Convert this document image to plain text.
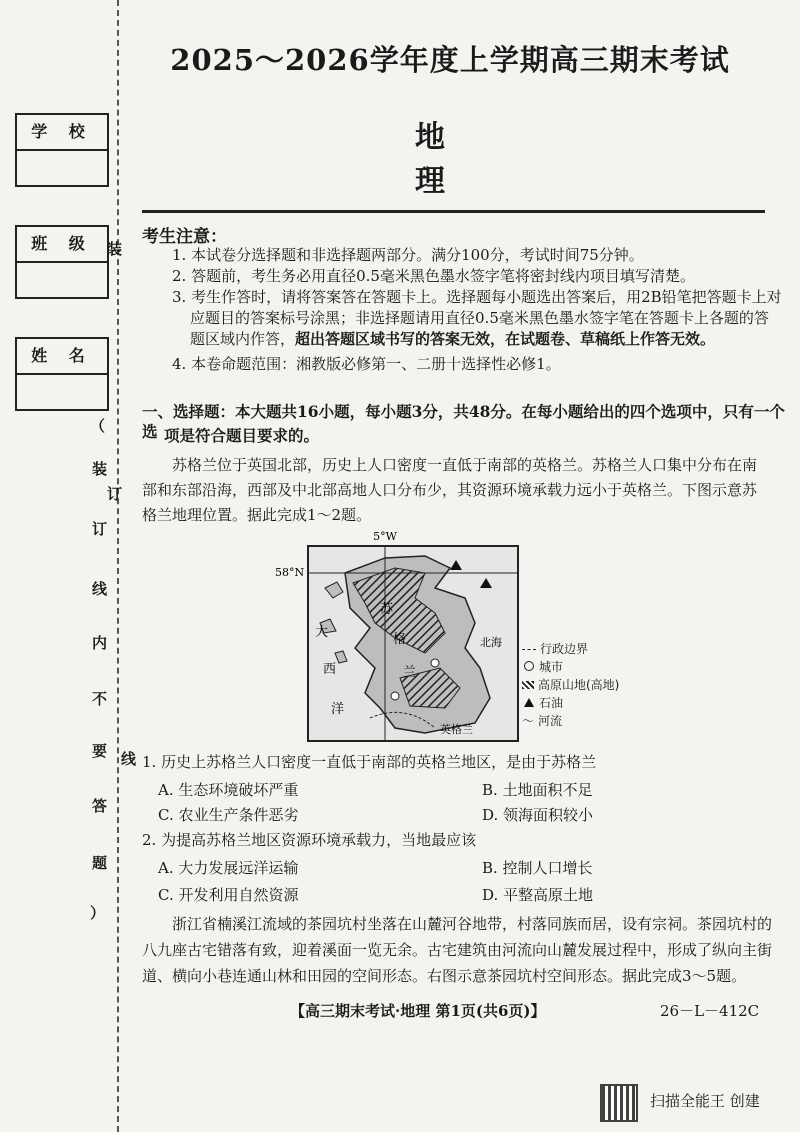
2025～2026学年度上学期高三期末考试
地 理
学 校
班 级
姓 名
（
装
订
线
内
不
要
答
题
）
装
订
线
考生注意：
1. 本试卷分选择题和非选择题两部分。满分100分，考试时间75分钟。
2. 答题前，考生务必用直径0.5毫米黑色墨水签字笔将密封线内项目填写清楚。
3. 考生作答时，请将答案答在答题卡上。选择题每小题选出答案后，用2B铅笔把答题卡上对
应题目的答案标号涂黑；非选择题请用直径0.5毫米黑色墨水签字笔在答题卡上各题的答
题区域内作答，超出答题区域书写的答案无效，在试题卷、草稿纸上作答无效。
4. 本卷命题范围：湘教版必修第一、二册十选择性必修1。
一、选择题：本大题共16小题，每小题3分，共48分。在每小题给出的四个选项中，只有一个选 项是符合题目要求的。
苏格兰位于英国北部，历史上人口密度一直低于南部的英格兰。苏格兰人口集中分布在南
部和东部沿海，西部及中北部高地人口分布少，其资源环境承载力远小于英格兰。下图示意苏
格兰地理位置。据此完成1～2题。
5°W
58°N
苏
格
兰
大
西
洋
北海
英格兰
行政边界
城市
高原山地(高地)
石油
〜 河流
1. 历史上苏格兰人口密度一直低于南部的英格兰地区，是由于苏格兰
A. 生态环境破坏严重	B. 土地面积不足
C. 农业生产条件恶劣	D. 领海面积较小
2. 为提高苏格兰地区资源环境承载力，当地最应该
A. 大力发展远洋运输	B. 控制人口增长
C. 开发利用自然资源	D. 平整高原土地
浙江省楠溪江流域的茶园坑村坐落在山麓河谷地带，村落同族而居，设有宗祠。茶园坑村的
八九座古宅错落有致，迎着溪面一览无余。古宅建筑由河流向山麓发展过程中，形成了纵向主街
道、横向小巷连通山林和田园的空间形态。右图示意茶园坑村空间形态。据此完成3～5题。
【高三期末考试·地理 第1页(共6页)】	26－L－412C
扫描全能王 创建
